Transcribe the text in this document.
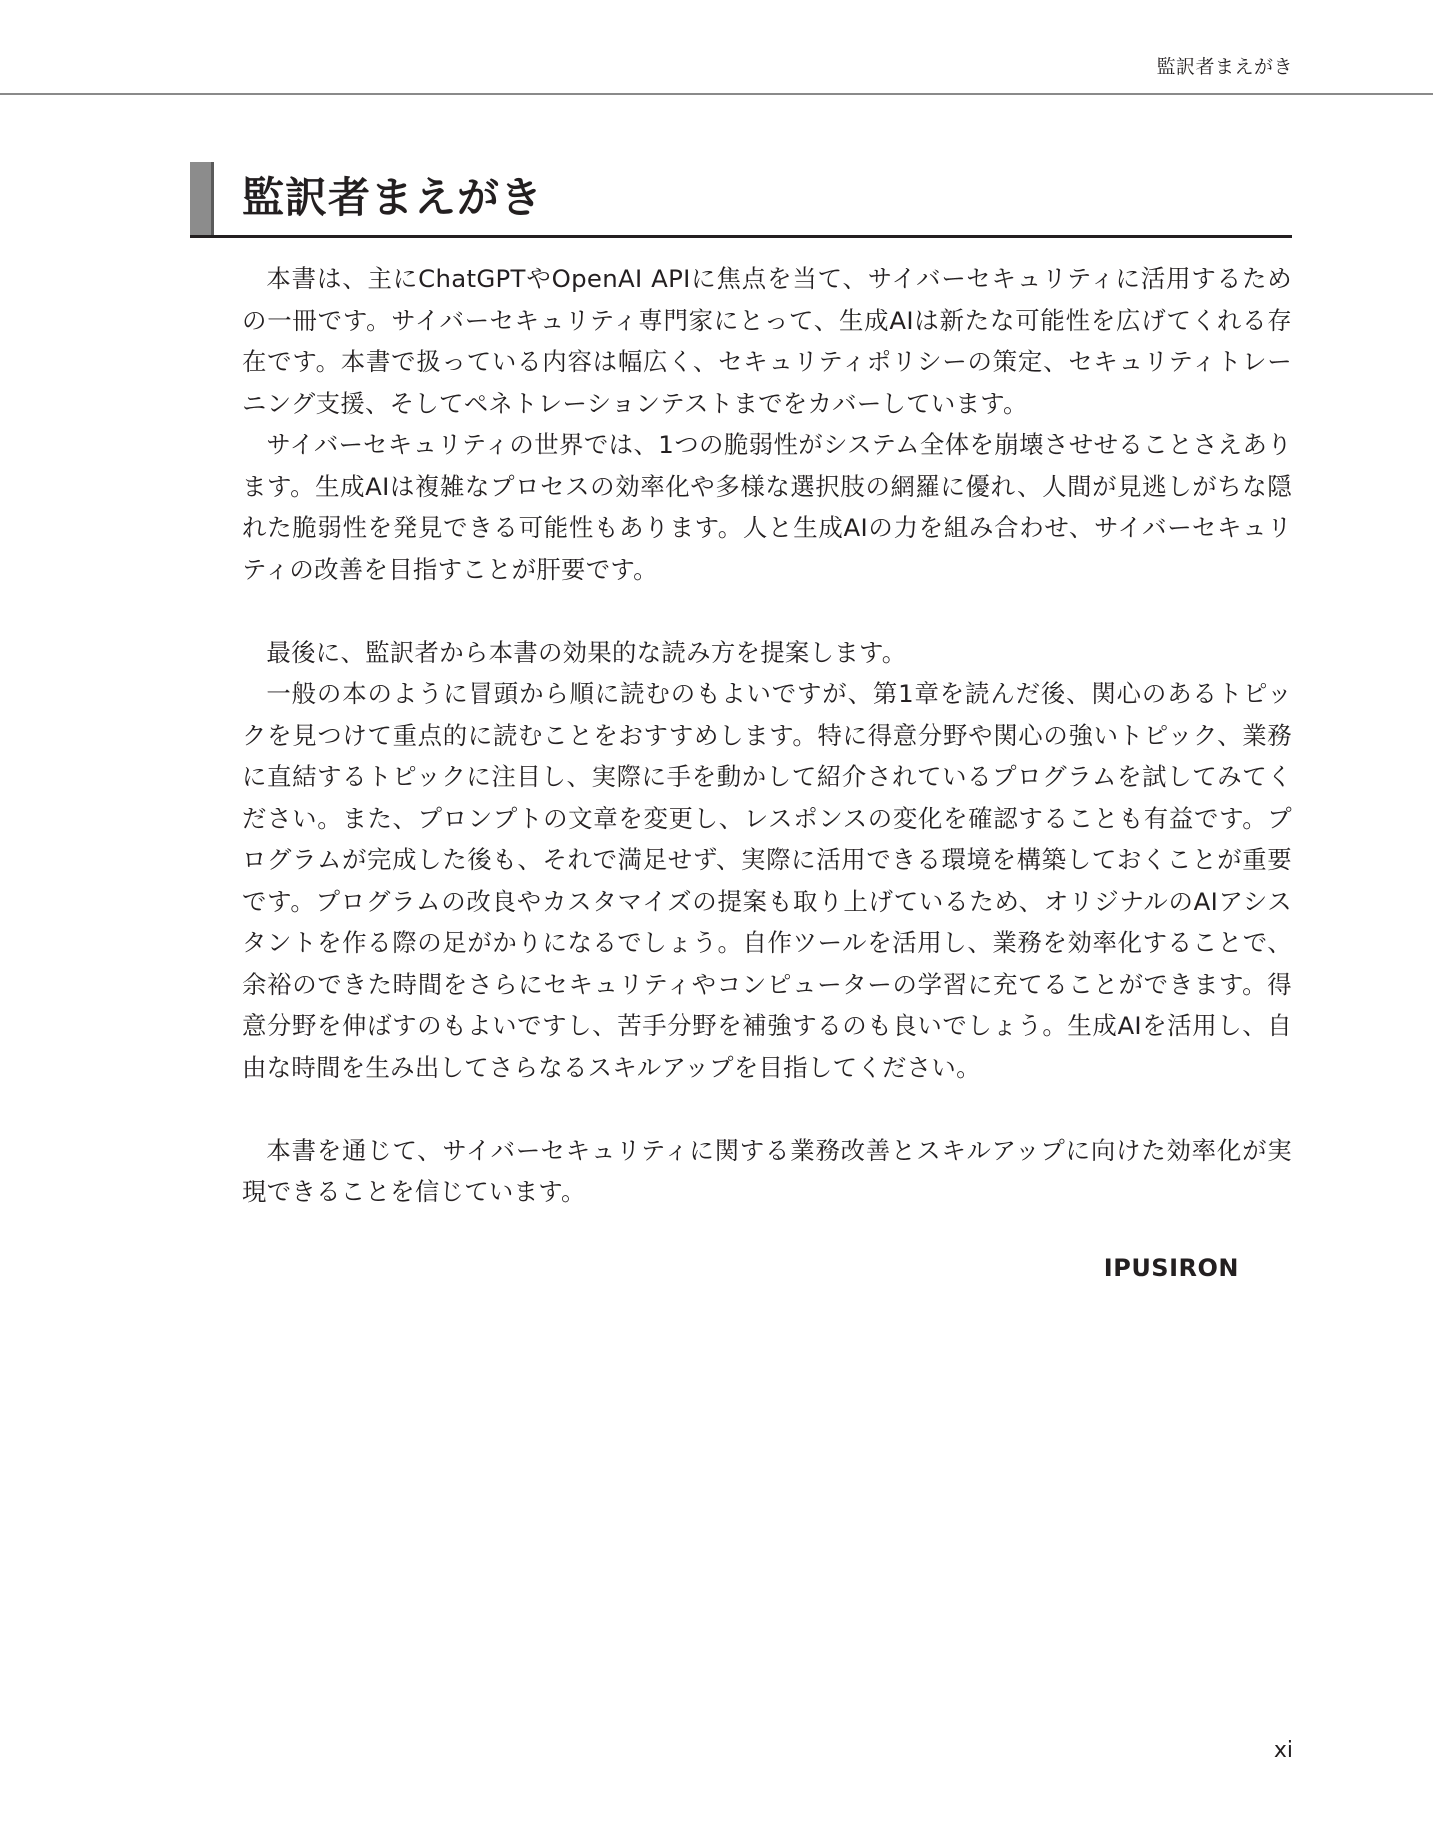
監訳者まえがき
監訳者まえがき

本書は、主にChatGPTやOpenAI APIに焦点を当て、サイバーセキュリティに活用するための一冊です。サイバーセキュリティ専門家にとって、生成AIは新たな可能性を広げてくれる存在です。本書で扱っている内容は幅広く、セキュリティポリシーの策定、セキュリティトレーニング支援、そしてペネトレーションテストまでをカバーしています。

サイバーセキュリティの世界では、1つの脆弱性がシステム全体を崩壊させせることさえあります。生成AIは複雑なプロセスの効率化や多様な選択肢の網羅に優れ、人間が見逃しがちな隠れた脆弱性を発見できる可能性もあります。人と生成AIの力を組み合わせ、サイバーセキュリティの改善を目指すことが肝要です。

最後に、監訳者から本書の効果的な読み方を提案します。

一般の本のように冒頭から順に読むのもよいですが、第1章を読んだ後、関心のあるトピックを見つけて重点的に読むことをおすすめします。特に得意分野や関心の強いトピック、業務に直結するトピックに注目し、実際に手を動かして紹介されているプログラムを試してみてください。また、プロンプトの文章を変更し、レスポンスの変化を確認することも有益です。プログラムが完成した後も、それで満足せず、実際に活用できる環境を構築しておくことが重要です。プログラムの改良やカスタマイズの提案も取り上げているため、オリジナルのAIアシスタントを作る際の足がかりになるでしょう。自作ツールを活用し、業務を効率化することで、余裕のできた時間をさらにセキュリティやコンピューターの学習に充てることができます。得意分野を伸ばすのもよいですし、苦手分野を補強するのも良いでしょう。生成AIを活用し、自由な時間を生み出してさらなるスキルアップを目指してください。

本書を通じて、サイバーセキュリティに関する業務改善とスキルアップに向けた効率化が実現できることを信じています。

IPUSIRON
xi
